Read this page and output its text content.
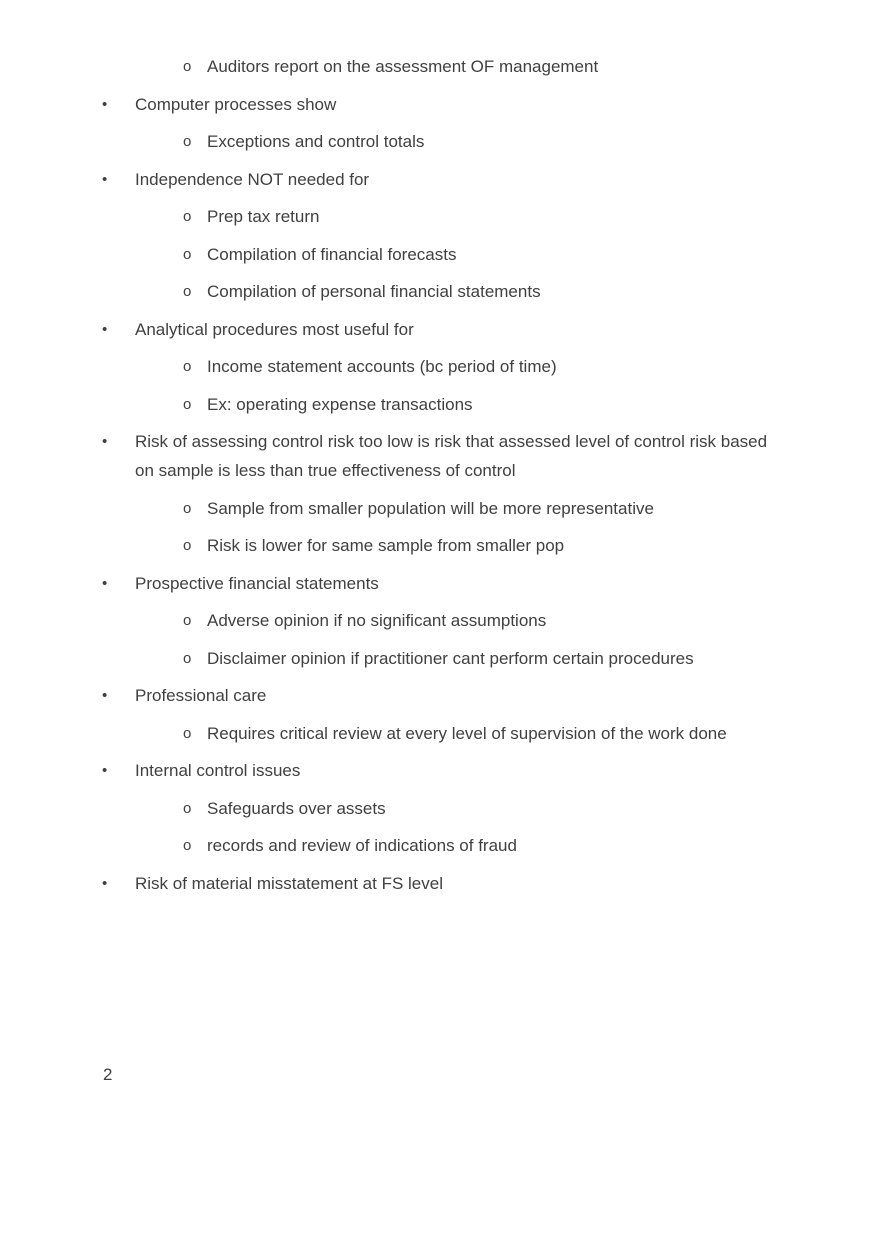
o Auditors report on the assessment OF management
• Computer processes show
o Exceptions and control totals
• Independence NOT needed for
o Prep tax return
o Compilation of financial forecasts
o Compilation of personal financial statements
• Analytical procedures most useful for
o Income statement accounts (bc period of time)
o Ex: operating expense transactions
• Risk of assessing control risk too low is risk that assessed level of control risk based on sample is less than true effectiveness of control
o Sample from smaller population will be more representative
o Risk is lower for same sample from smaller pop
• Prospective financial statements
o Adverse opinion if no significant assumptions
o Disclaimer opinion if practitioner cant perform certain procedures
• Professional care
o Requires critical review at every level of supervision of the work done
• Internal control issues
o Safeguards over assets
o records and review of indications of fraud
• Risk of material misstatement at FS level
2
